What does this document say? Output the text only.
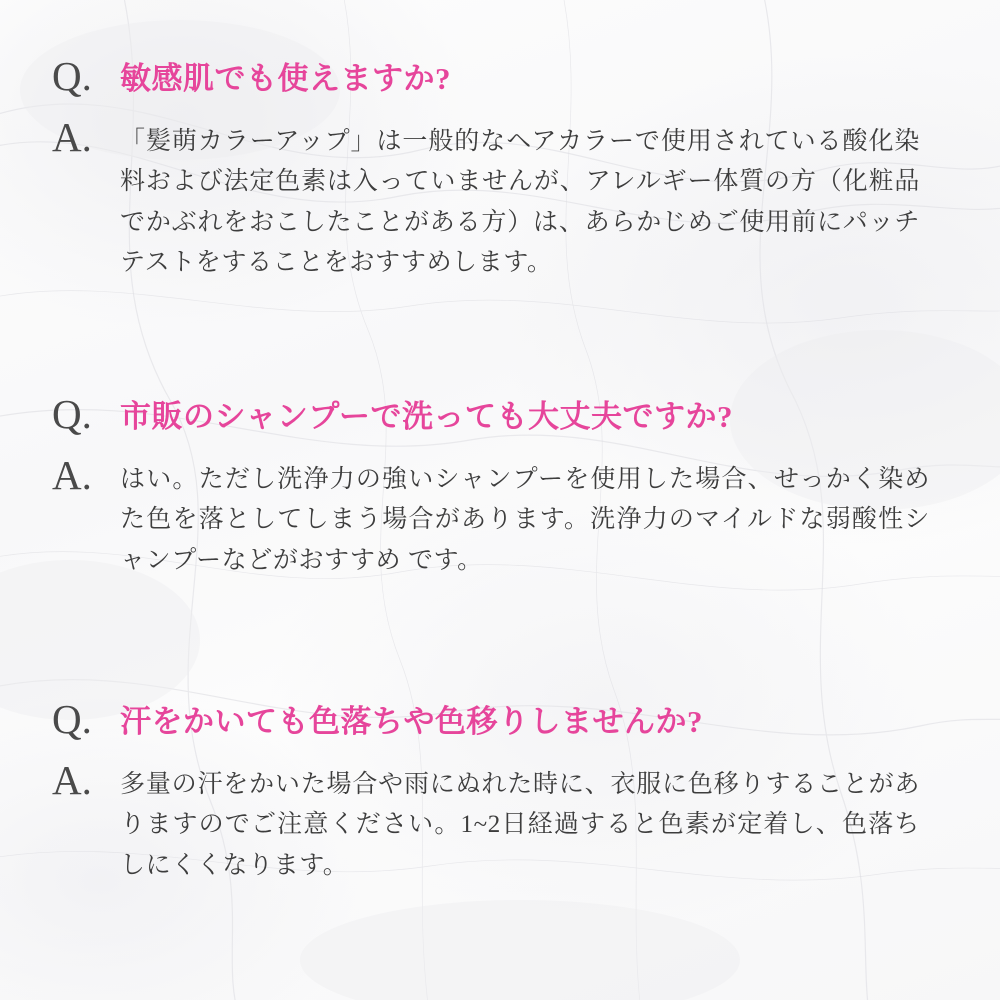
Q. 敏感肌でも使えますか?
A.	「髪萌カラーアップ」は一般的なヘアカラーで使用されている酸化染料および法定色素は入っていませんが、アレルギー体質の方（化粧品でかぶれをおこしたことがある方）は、あらかじめご使用前にパッチテストをすることをおすすめします。
Q. 市販のシャンプーで洗っても大丈夫ですか?
A.	はい。ただし洗浄力の強いシャンプーを使用した場合、せっかく染めた色を落としてしまう場合があります。洗浄力のマイルドな弱酸性シャンプーなどがおすすめ です。
Q. 汗をかいても色落ちや色移りしませんか?
A.	多量の汗をかいた場合や雨にぬれた時に、衣服に色移りすることがありますのでご注意ください。1~2日経過すると色素が定着し、色落ちしにくくなります。
